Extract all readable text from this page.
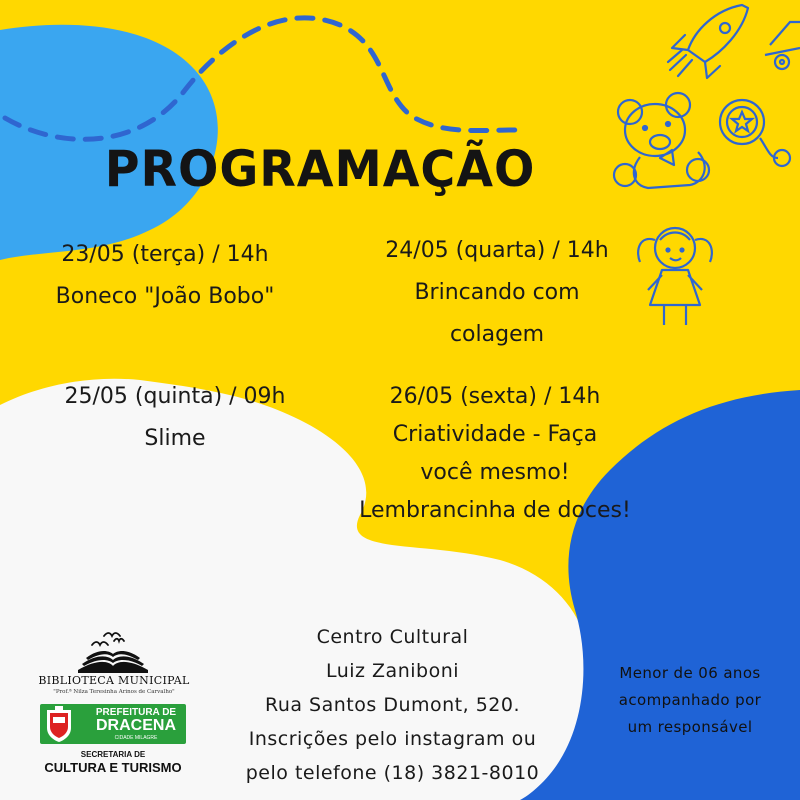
PROGRAMAÇÃO
23/05 (terça) / 14h
Boneco "João Bobo"
24/05 (quarta) / 14h
Brincando com
colagem
25/05 (quinta) / 09h
Slime
26/05 (sexta) / 14h
Criatividade - Faça
você mesmo!
Lembrancinha de doces!
Centro Cultural
Luiz Zaniboni
Rua Santos Dumont, 520.
Inscrições pelo instagram ou
pelo telefone (18) 3821-8010
Menor de 06 anos
acompanhado por
um responsável
BIBLIOTECA MUNICIPAL
"Prof.ª Nilza Teresinha Arinos de Carvalho"
PREFEITURA DE
DRACENA
CIDADE MILAGRE
SECRETARIA DE
CULTURA E TURISMO
